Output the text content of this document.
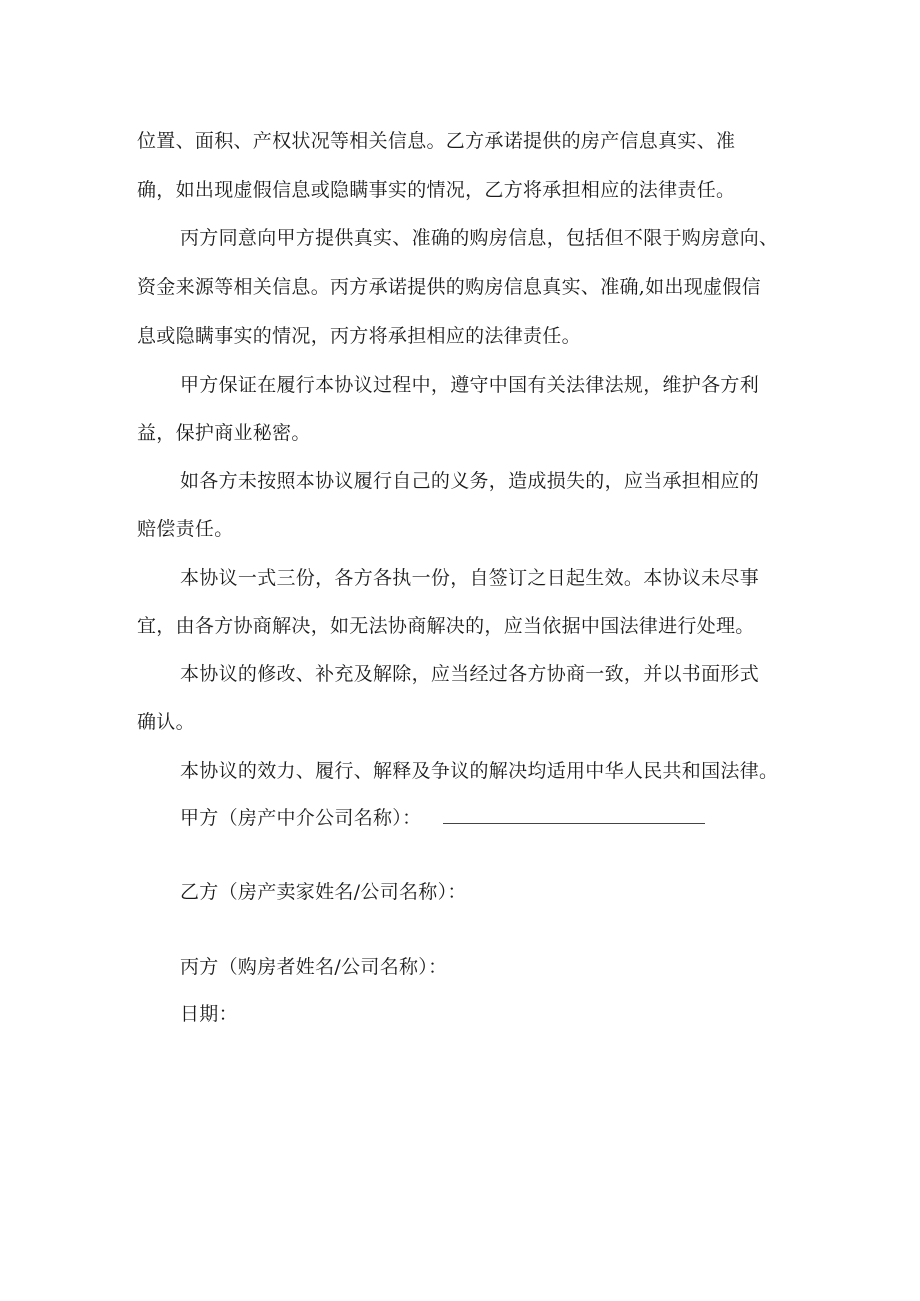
位置、面积、产权状况等相关信息。乙方承诺提供的房产信息真实、准
确，如出现虚假信息或隐瞒事实的情况，乙方将承担相应的法律责任。
丙方同意向甲方提供真实、准确的购房信息，包括但不限于购房意向、
资金来源等相关信息。丙方承诺提供的购房信息真实、准确,如出现虚假信
息或隐瞒事实的情况，丙方将承担相应的法律责任。
甲方保证在履行本协议过程中，遵守中国有关法律法规，维护各方利
益，保护商业秘密。
如各方未按照本协议履行自己的义务，造成损失的，应当承担相应的
赔偿责任。
本协议一式三份，各方各执一份，自签订之日起生效。本协议未尽事
宜，由各方协商解决，如无法协商解决的，应当依据中国法律进行处理。
本协议的修改、补充及解除，应当经过各方协商一致，并以书面形式
确认。
本协议的效力、履行、解释及争议的解决均适用中华人民共和国法律。
甲方（房产中介公司名称）：
乙方（房产卖家姓名/公司名称）：
丙方（购房者姓名/公司名称）：
日期：
